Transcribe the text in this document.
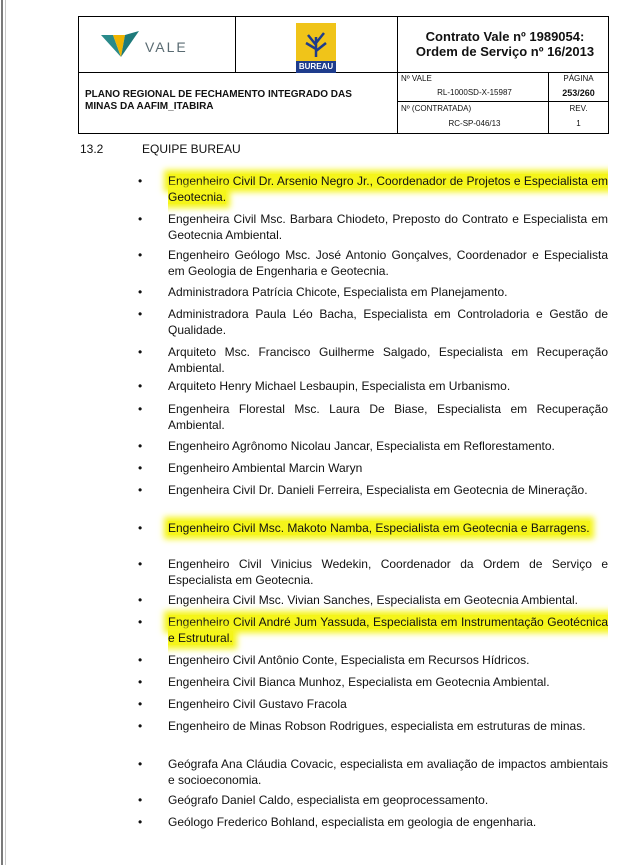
VALE
BUREAU
Contrato Vale nº 1989054:
Ordem de Serviço nº 16/2013
PLANO REGIONAL DE FECHAMENTO INTEGRADO DAS MINAS DA AAFIM_ITABIRA
Nº VALE
RL-1000SD-X-15987
PÁGINA
253/260
Nº (CONTRATADA)
RC-SP-046/13
REV.
1
13.2	EQUIPE BUREAU
• Engenheiro Civil Dr. Arsenio Negro Jr., Coordenador de Projetos e Especialista em Geotecnia.
• Engenheira Civil Msc. Barbara Chiodeto, Preposto do Contrato e Especialista em Geotecnia Ambiental.
• Engenheiro Geólogo Msc. José Antonio Gonçalves, Coordenador e Especialista em Geologia de Engenharia e Geotecnia.
• Administradora Patrícia Chicote, Especialista em Planejamento.
• Administradora Paula Léo Bacha, Especialista em Controladoria e Gestão de Qualidade.
• Arquiteto Msc. Francisco Guilherme Salgado, Especialista em Recuperação Ambiental.
• Arquiteto Henry Michael Lesbaupin, Especialista em Urbanismo.
• Engenheira Florestal Msc. Laura De Biase, Especialista em Recuperação Ambiental.
• Engenheiro Agrônomo Nicolau Jancar, Especialista em Reflorestamento.
• Engenheiro Ambiental Marcin Waryn
• Engenheira Civil Dr. Danieli Ferreira, Especialista em Geotecnia de Mineração.
• Engenheiro Civil Msc. Makoto Namba, Especialista em Geotecnia e Barragens.
• Engenheiro Civil Vinicius Wedekin, Coordenador da Ordem de Serviço e Especialista em Geotecnia.
• Engenheira Civil Msc. Vivian Sanches, Especialista em Geotecnia Ambiental.
• Engenheiro Civil André Jum Yassuda, Especialista em Instrumentação Geotécnica e Estrutural.
• Engenheiro Civil Antônio Conte, Especialista em Recursos Hídricos.
• Engenheira Civil Bianca Munhoz, Especialista em Geotecnia Ambiental.
• Engenheiro Civil Gustavo Fracola
• Engenheiro de Minas Robson Rodrigues, especialista em estruturas de minas.
• Geógrafa Ana Cláudia Covacic, especialista em avaliação de impactos ambientais e socioeconomia.
• Geógrafo Daniel Caldo, especialista em geoprocessamento.
• Geólogo Frederico Bohland, especialista em geologia de engenharia.
